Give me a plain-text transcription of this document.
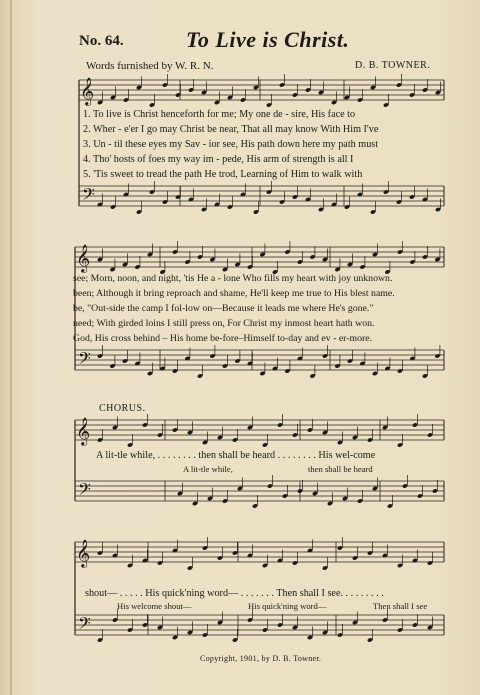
𝄞
𝄢
𝄞
𝄢
𝄞
𝄢
𝄞
𝄢
No. 64.	To Live is Christ.
Words furnished by W. R. N.	D. B. TOWNER.
1. To live is Christ henceforth for me; My one de - sire, His face to
2. Wher - e'er I go may Christ be near, That all may know With Him I've
3. Un - til these eyes my Sav - ior see, His path down here my path must
4. Tho' hosts of foes my way im - pede, His arm of strength is all I
5. 'Tis sweet to tread the path He trod, Learning of Him to walk with
see; Morn, noon, and night, 'tis He a - lone Who fills my heart with joy unknown.
been; Although it bring reproach and shame, He'll keep me true to His blest name.
be, "Out-side the camp I fol-low on—Because it leads me where He's gone."
need; With girded loins I still press on, For Christ my inmost heart hath won.
God, His cross behind – His home be-fore–Himself to-day and ev - er-more.
CHORUS.
A lit-tle while, . . . . . . . . then shall be heard . . . . . . . . His wel-come
A lit-tle while,	then shall be heard
shout— . . . . . His quick'ning word— . . . . . . . Then shall I see. . . . . . . . .
His welcome shout—	His quick'ning word—	Then shall I see
Copyright, 1901, by D. B. Towner.
